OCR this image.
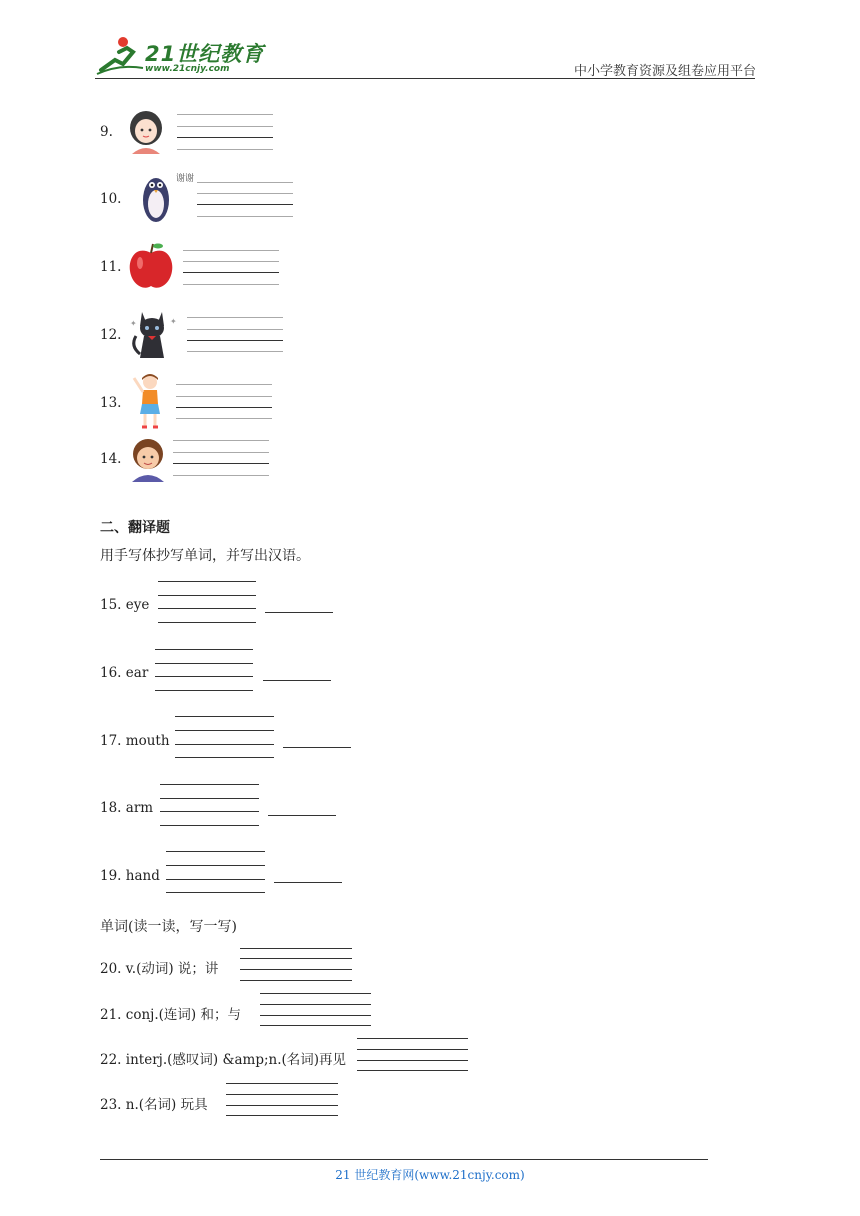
21世纪教育
www.21cnjy.com	中小学教育资源及组卷应用平台
9.
10.
谢谢
11.
12.
✦
✦
13.
14.
二、翻译题
用手写体抄写单词，并写出汉语。
15. eye
16. ear
17. mouth
18. arm
19. hand
单词(读一读，写一写)
20. v.(动词) 说；讲
21. conj.(连词) 和；与
22. interj.(感叹词) &amp;n.(名词)再见
23. n.(名词) 玩具
21 世纪教育网(www.21cnjy.com)
